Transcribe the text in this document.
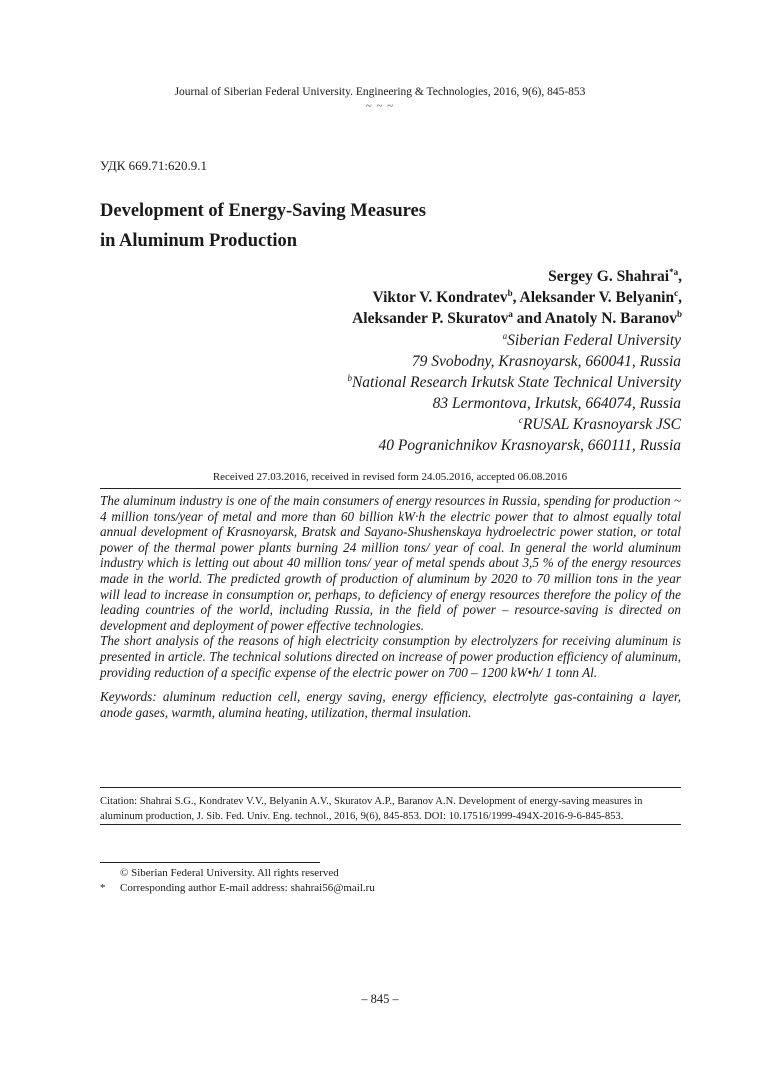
Journal of Siberian Federal University. Engineering & Technologies, 2016, 9(6), 845-853
~ ~ ~
УДК 669.71:620.9.1
Development of Energy-Saving Measures
in Aluminum Production
Sergey G. Shahrai$^{*a}$,
Viktor V. Kondratev$^b$, Aleksander V. Belyanin$^c$,
Aleksander P. Skuratov$^a$ and Anatoly N. Baranov$^b$
$^a$Siberian Federal University
79 Svobodny, Krasnoyarsk, 660041, Russia
$^b$National Research Irkutsk State Technical University
83 Lermontova, Irkutsk, 664074, Russia
$^c$RUSAL Krasnoyarsk JSC
40 Pogranichnikov Krasnoyarsk, 660111, Russia
Received 27.03.2016, received in revised form 24.05.2016, accepted 06.08.2016

The aluminum industry is one of the main consumers of energy resources in Russia, spending for production ~ 4 million tons/year of metal and more than 60 billion kW·h the electric power that to almost equally total annual development of Krasnoyarsk, Bratsk and Sayano-Shushenskaya hydroelectric power station, or total power of the thermal power plants burning 24 million tons/ year of coal. In general the world aluminum industry which is letting out about 40 million tons/ year of metal spends about 3,5 % of the energy resources made in the world. The predicted growth of production of aluminum by 2020 to 70 million tons in the year will lead to increase in consumption or, perhaps, to deficiency of energy resources therefore the policy of the leading countries of the world, including Russia, in the field of power – resource-saving is directed on development and deployment of power effective technologies.

The short analysis of the reasons of high electricity consumption by electrolyzers for receiving aluminum is presented in article. The technical solutions directed on increase of power production efficiency of aluminum, providing reduction of a specific expense of the electric power on 700 – 1200 kW•h/ 1 tonn Al.

Keywords: aluminum reduction cell, energy saving, energy efficiency, electrolyte gas-containing a layer, anode gases, warmth, alumina heating, utilization, thermal insulation.

Citation: Shahrai S.G., Kondratev V.V., Belyanin A.V., Skuratov A.P., Baranov A.N. Development of energy-saving measures in aluminum production, J. Sib. Fed. Univ. Eng. technol., 2016, 9(6), 845-853. DOI: 10.17516/1999-494X-2016-9-6-845-853.
© Siberian Federal University. All rights reserved
*	Corresponding author E-mail address: shahrai56@mail.ru
– 845 –
